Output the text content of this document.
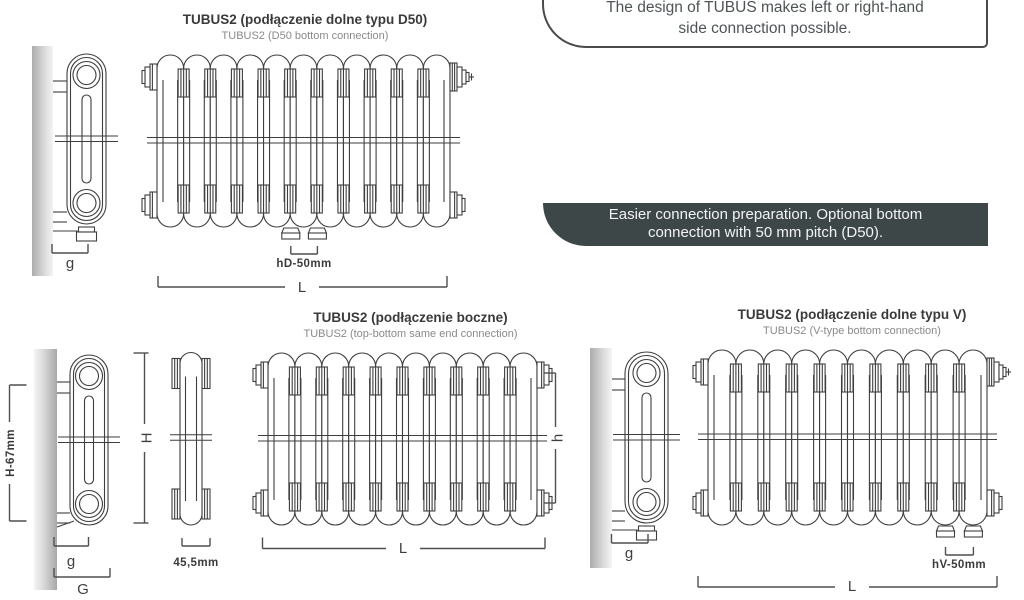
g	hD-50mm
L
H-67mm	H
g
G
45,5mm
h
L	g
hV-50mm
L
TUBUS2 (podłączenie dolne typu D50)
TUBUS2 (D50 bottom connection)
TUBUS2 (podłączenie boczne)
TUBUS2 (top-bottom same end connection)
TUBUS2 (podłączenie dolne typu V)
TUBUS2 (V-type bottom connection)
The design of TUBUS makes left or right-hand
side connection possible.
Easier connection preparation. Optional bottom
connection with 50 mm pitch (D50).
